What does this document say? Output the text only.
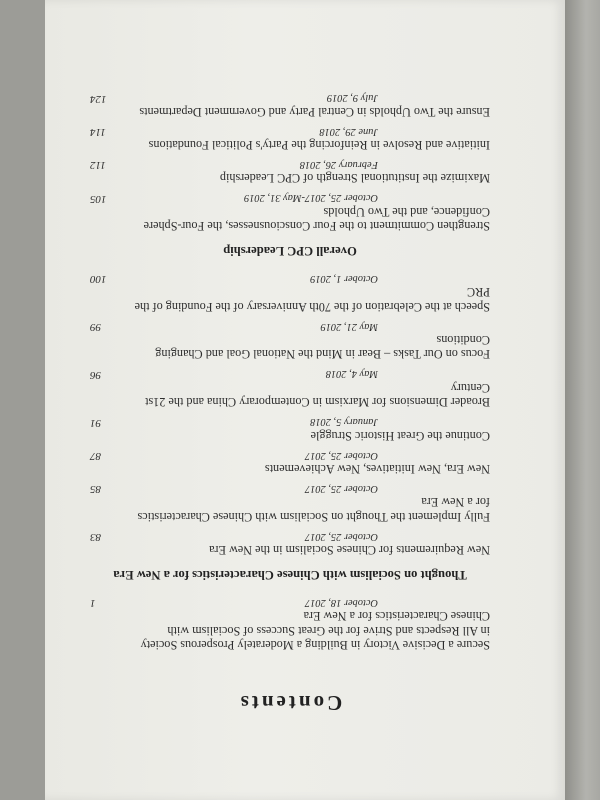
Contents
Secure a Decisive Victory in Building a Moderately Prosperous Society in All Respects and Strive for the Great Success of Socialism with Chinese Characteristics for a New Era
October 18, 2017
1
Thought on Socialism with Chinese Characteristics for a New Era
New Requirements for Chinese Socialism in the New Era
October 25, 2017
83
Fully Implement the Thought on Socialism with Chinese Characteristics for a New Era
October 25, 2017
85
New Era, New Initiatives, New Achievements
October 25, 2017
87
Continue the Great Historic Struggle
January 5, 2018
91
Broader Dimensions for Marxism in Contemporary China and the 21st Century
May 4, 2018
96
Focus on Our Tasks – Bear in Mind the National Goal and Changing Conditions
May 21, 2019
99
Speech at the Celebration of the 70th Anniversary of the Founding of the PRC
October 1, 2019
100
Overall CPC Leadership
Strengthen Commitment to the Four Consciousnesses, the Four-Sphere Confidence, and the Two Upholds
October 25, 2017-May 31, 2019
105
Maximize the Institutional Strength of CPC Leadership
February 26, 2018
112
Initiative and Resolve in Reinforcing the Party's Political Foundations
June 29, 2018
114
Ensure the Two Upholds in Central Party and Government Departments
July 9, 2019
124
